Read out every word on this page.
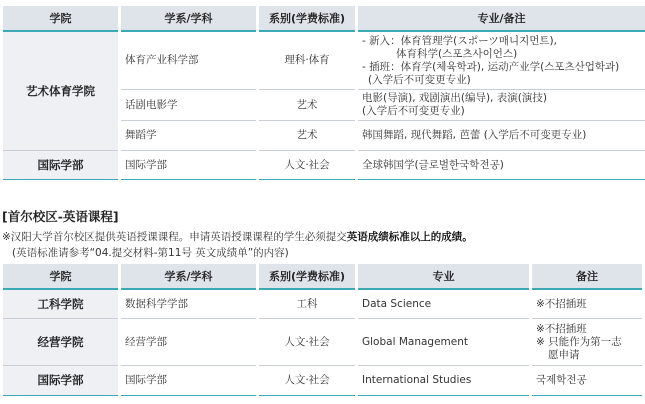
学院	学系/学科	系别(学费标准)	专业/备注
艺术体育学院	体育产业科学部	理科·体育	- 新入：体育管理学(スポーツ매니지먼트),
体育科学(스포츠사이언스)
- 插班：体育学(체육학과), 运动产业学(스포츠산업학과)
(入学后不可变更专业)

	话剧电影学	艺术	电影(导演), 戏剧演出(编导), 表演(演技)
(入学后不可变更专业)

	舞蹈学	艺术	韩国舞蹈, 现代舞蹈, 芭蕾 (入学后不可变更专业)
国际学部	国际学部	人文·社会	全球韩国学(글로벌한국학전공)
[首尔校区-英语课程]
※汉阳大学首尔校区提供英语授课课程。申请英语授课课程的学生必须提交英语成绩标准以上的成绩。
(英语标准请参考“04.提交材料-第11号 英文成绩单”的内容)
学院	学系/学科	系别(学费标准)	专业	备注
工科学院	数据科学学部	工科	Data Science	※不招插班
经营学院	经营学部	人文·社会	Global Management	※不招插班
※ 只能作为第一志
愿申请

国际学部	国际学部	人文·社会	International Studies	국제학전공
